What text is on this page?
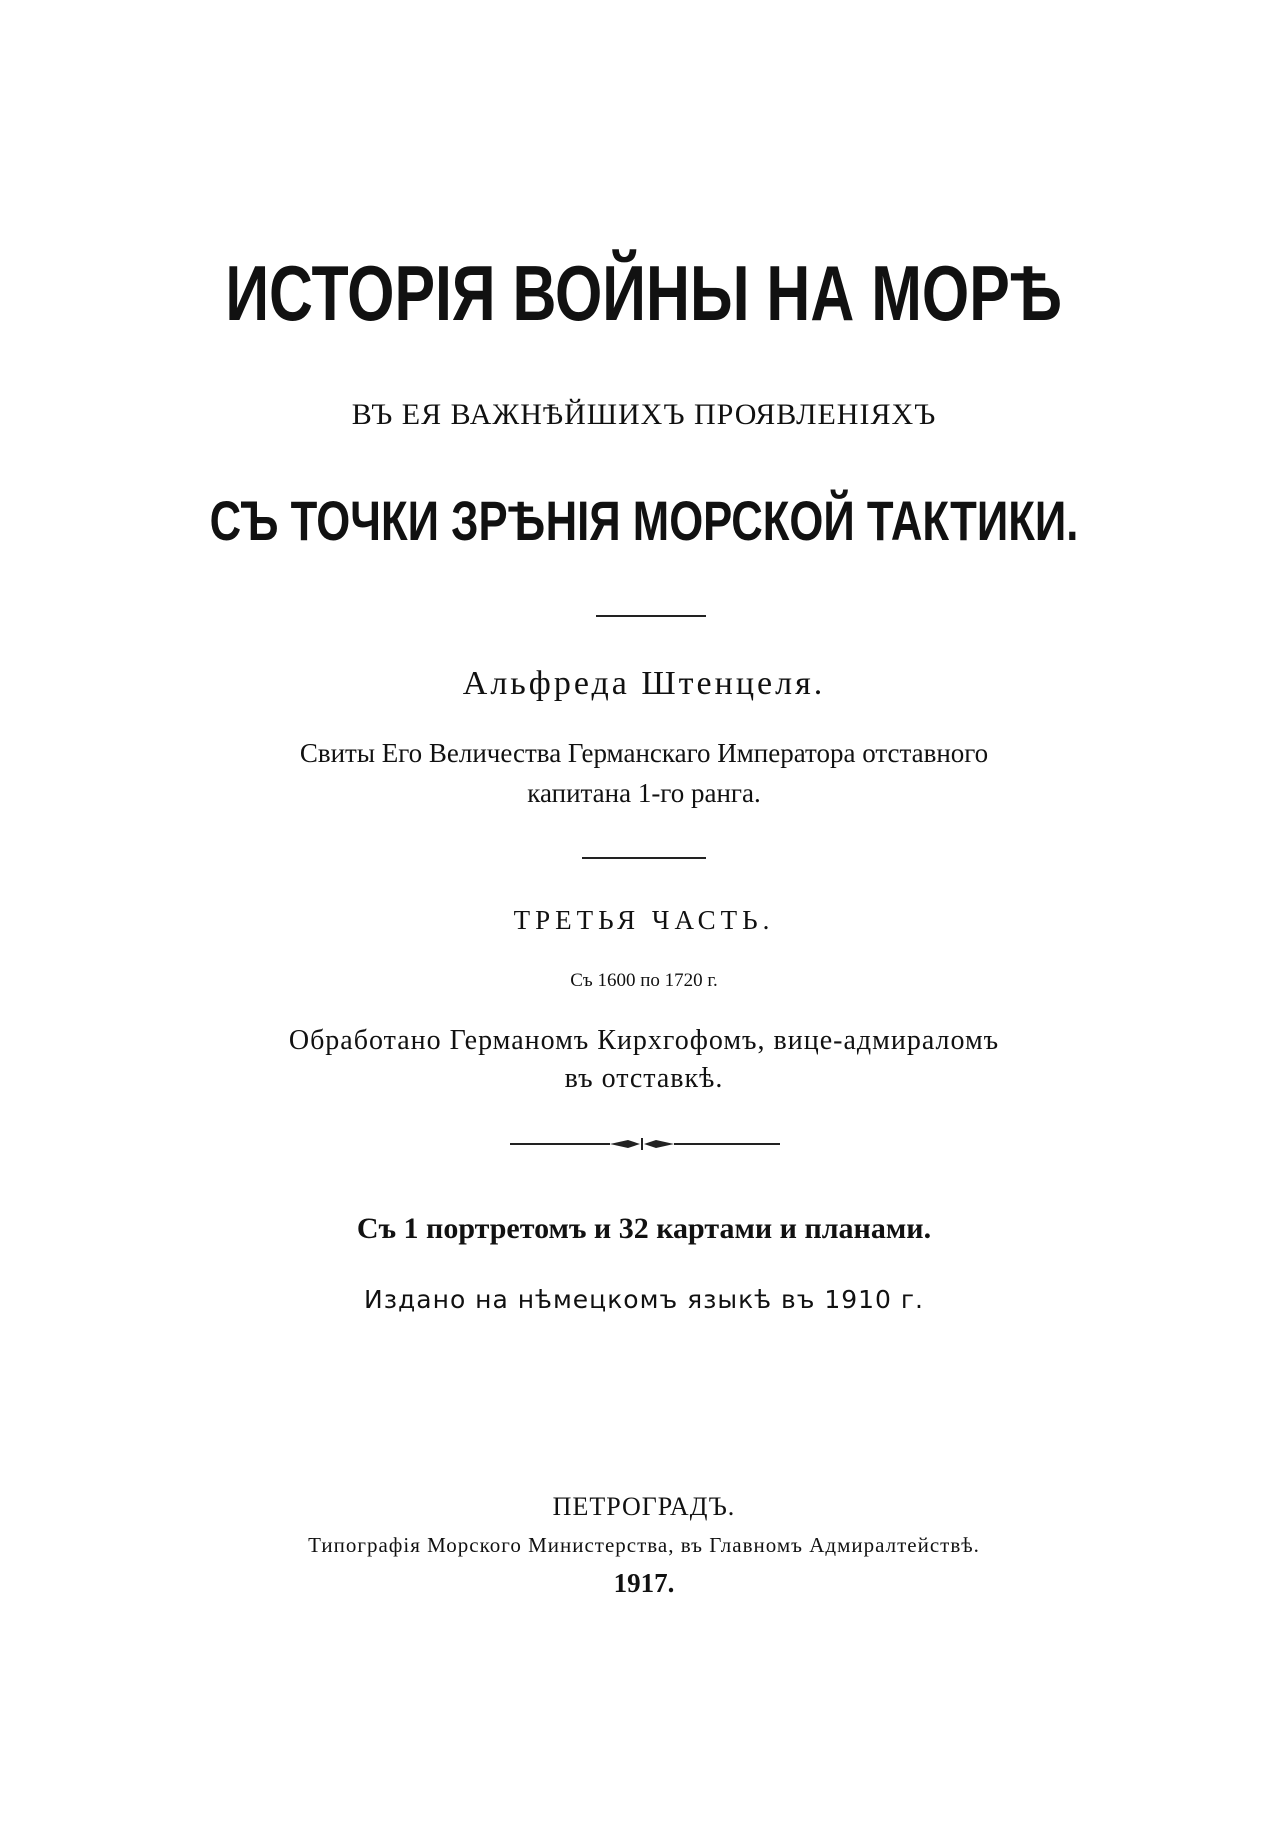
ИСТОРІЯ ВОЙНЫ НА МОРѢ
ВЪ ЕЯ ВАЖНѢЙШИХЪ ПРОЯВЛЕНІЯХЪ
СЪ ТОЧКИ ЗРѢНІЯ МОРСКОЙ ТАКТИКИ.
Альфреда Штенцеля.
Свиты Его Величества Германскаго Императора отставного
капитана 1-го ранга.
ТРЕТЬЯ ЧАСТЬ.
Съ 1600 по 1720 г.
Обработано Германомъ Кирхгофомъ, вице-адмираломъ
въ отставкѣ.
Съ 1 портретомъ и 32 картами и планами.
Издано на нѣмецкомъ языкѣ въ 1910 г.
ПЕТРОГРАДЪ.
Типографія Морского Министерства, въ Главномъ Адмиралтействѣ.
1917.
